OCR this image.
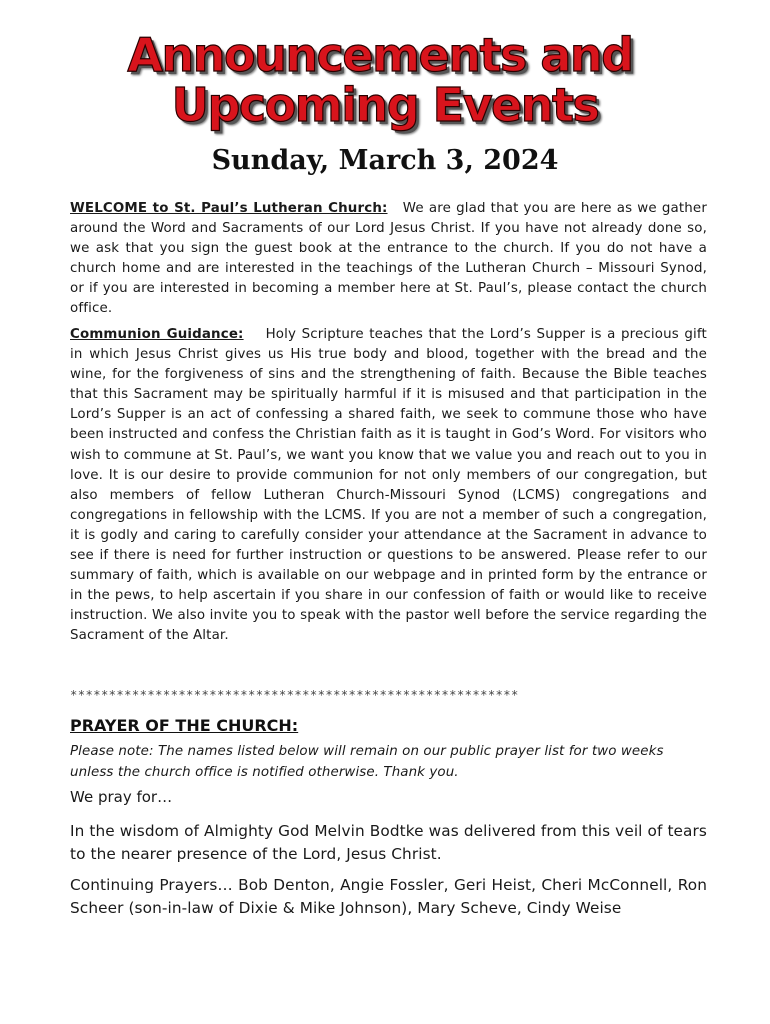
Announcements and
Upcoming Events
Sunday, March 3, 2024
WELCOME to St. Paul’s Lutheran Church: We are glad that you are here as we gather around the Word and Sacraments of our Lord Jesus Christ. If you have not already done so, we ask that you sign the guest book at the entrance to the church. If you do not have a church home and are interested in the teachings of the Lutheran Church – Missouri Synod, or if you are interested in becoming a member here at St. Paul’s, please contact the church office.
Communion Guidance: Holy Scripture teaches that the Lord’s Supper is a precious gift in which Jesus Christ gives us His true body and blood, together with the bread and the wine, for the forgiveness of sins and the strengthening of faith. Because the Bible teaches that this Sacrament may be spiritually harmful if it is misused and that participation in the Lord’s Supper is an act of confessing a shared faith, we seek to commune those who have been instructed and confess the Christian faith as it is taught in God’s Word. For visitors who wish to commune at St. Paul’s, we want you know that we value you and reach out to you in love. It is our desire to provide communion for not only members of our congregation, but also members of fellow Lutheran Church-Missouri Synod (LCMS) congregations and congregations in fellowship with the LCMS. If you are not a member of such a congregation, it is godly and caring to carefully consider your attendance at the Sacrament in advance to see if there is need for further instruction or questions to be answered. Please refer to our summary of faith, which is available on our webpage and in printed form by the entrance or in the pews, to help ascertain if you share in our confession of faith or would like to receive instruction. We also invite you to speak with the pastor well before the service regarding the Sacrament of the Altar.
**********************************************************
PRAYER OF THE CHURCH:
Please note: The names listed below will remain on our public prayer list for two weeks unless the church office is notified otherwise. Thank you.
We pray for…
In the wisdom of Almighty God Melvin Bodtke was delivered from this veil of tears to the nearer presence of the Lord, Jesus Christ.
Continuing Prayers… Bob Denton, Angie Fossler, Geri Heist, Cheri McConnell, Ron Scheer (son-in-law of Dixie & Mike Johnson), Mary Scheve, Cindy Weise
